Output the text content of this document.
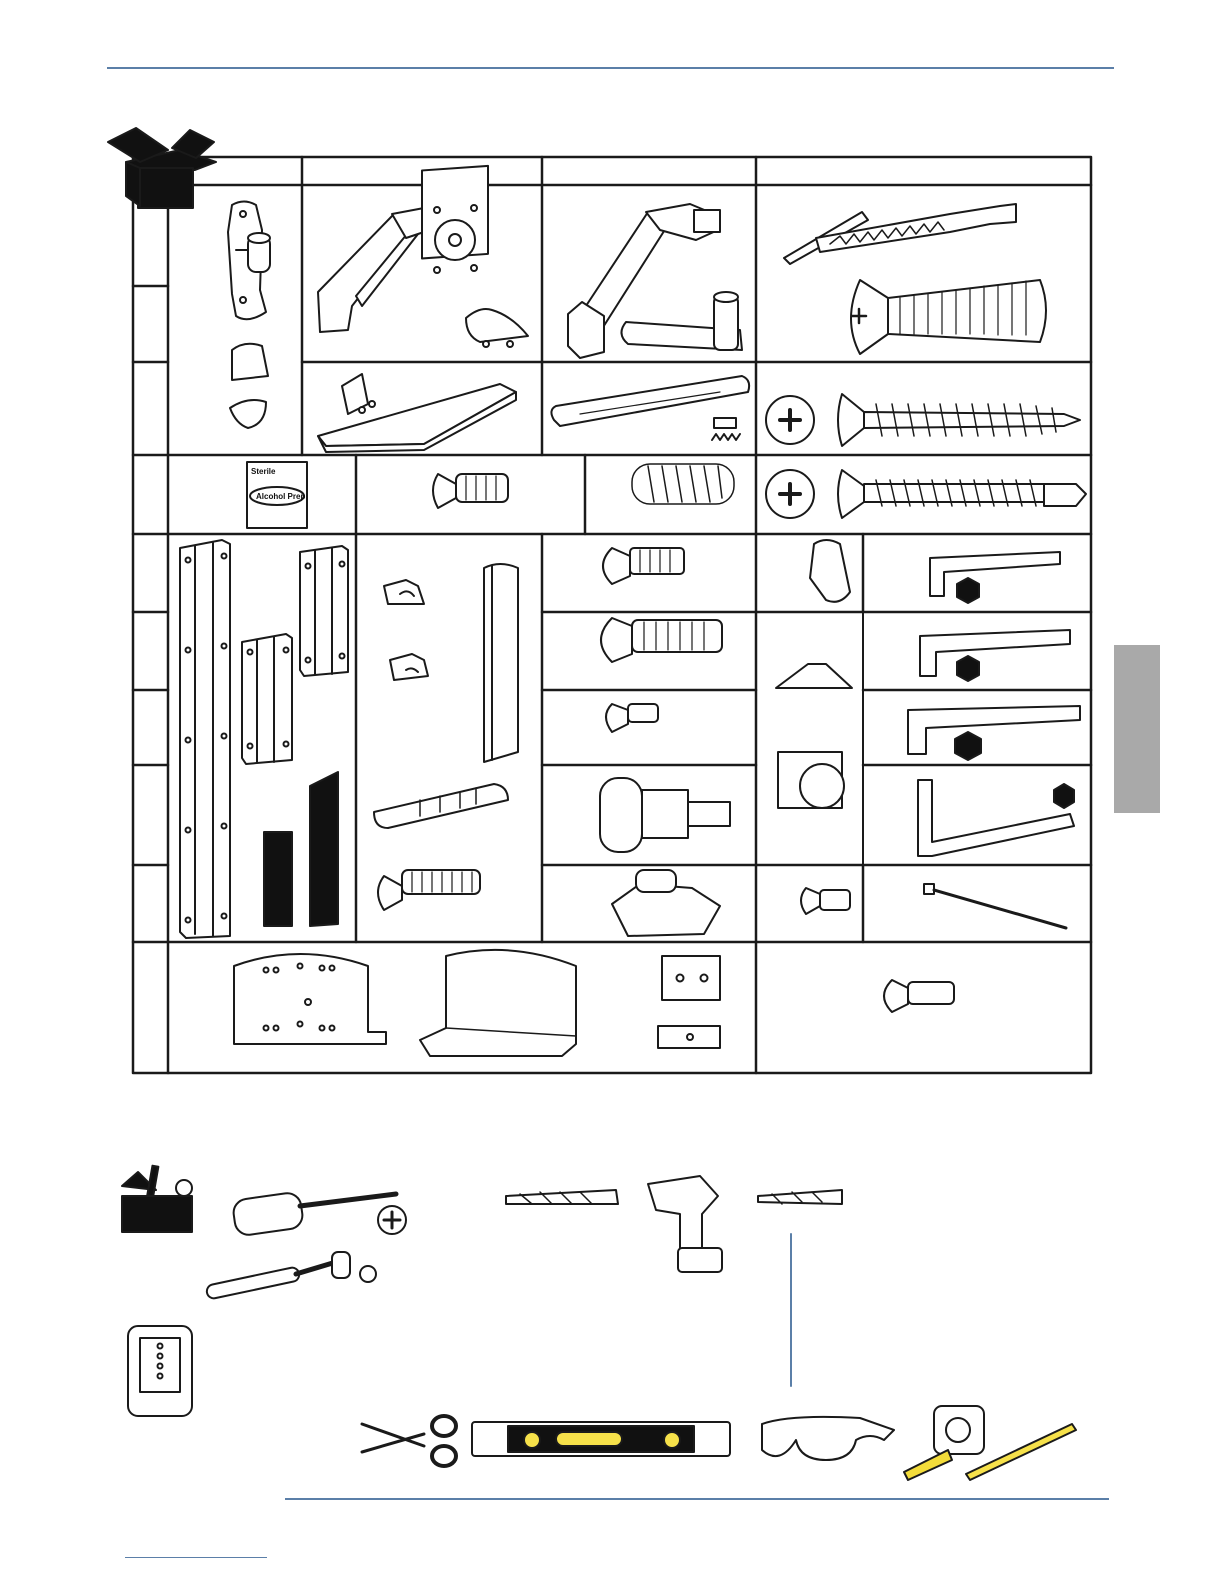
Sterile
Alcohol Prep
